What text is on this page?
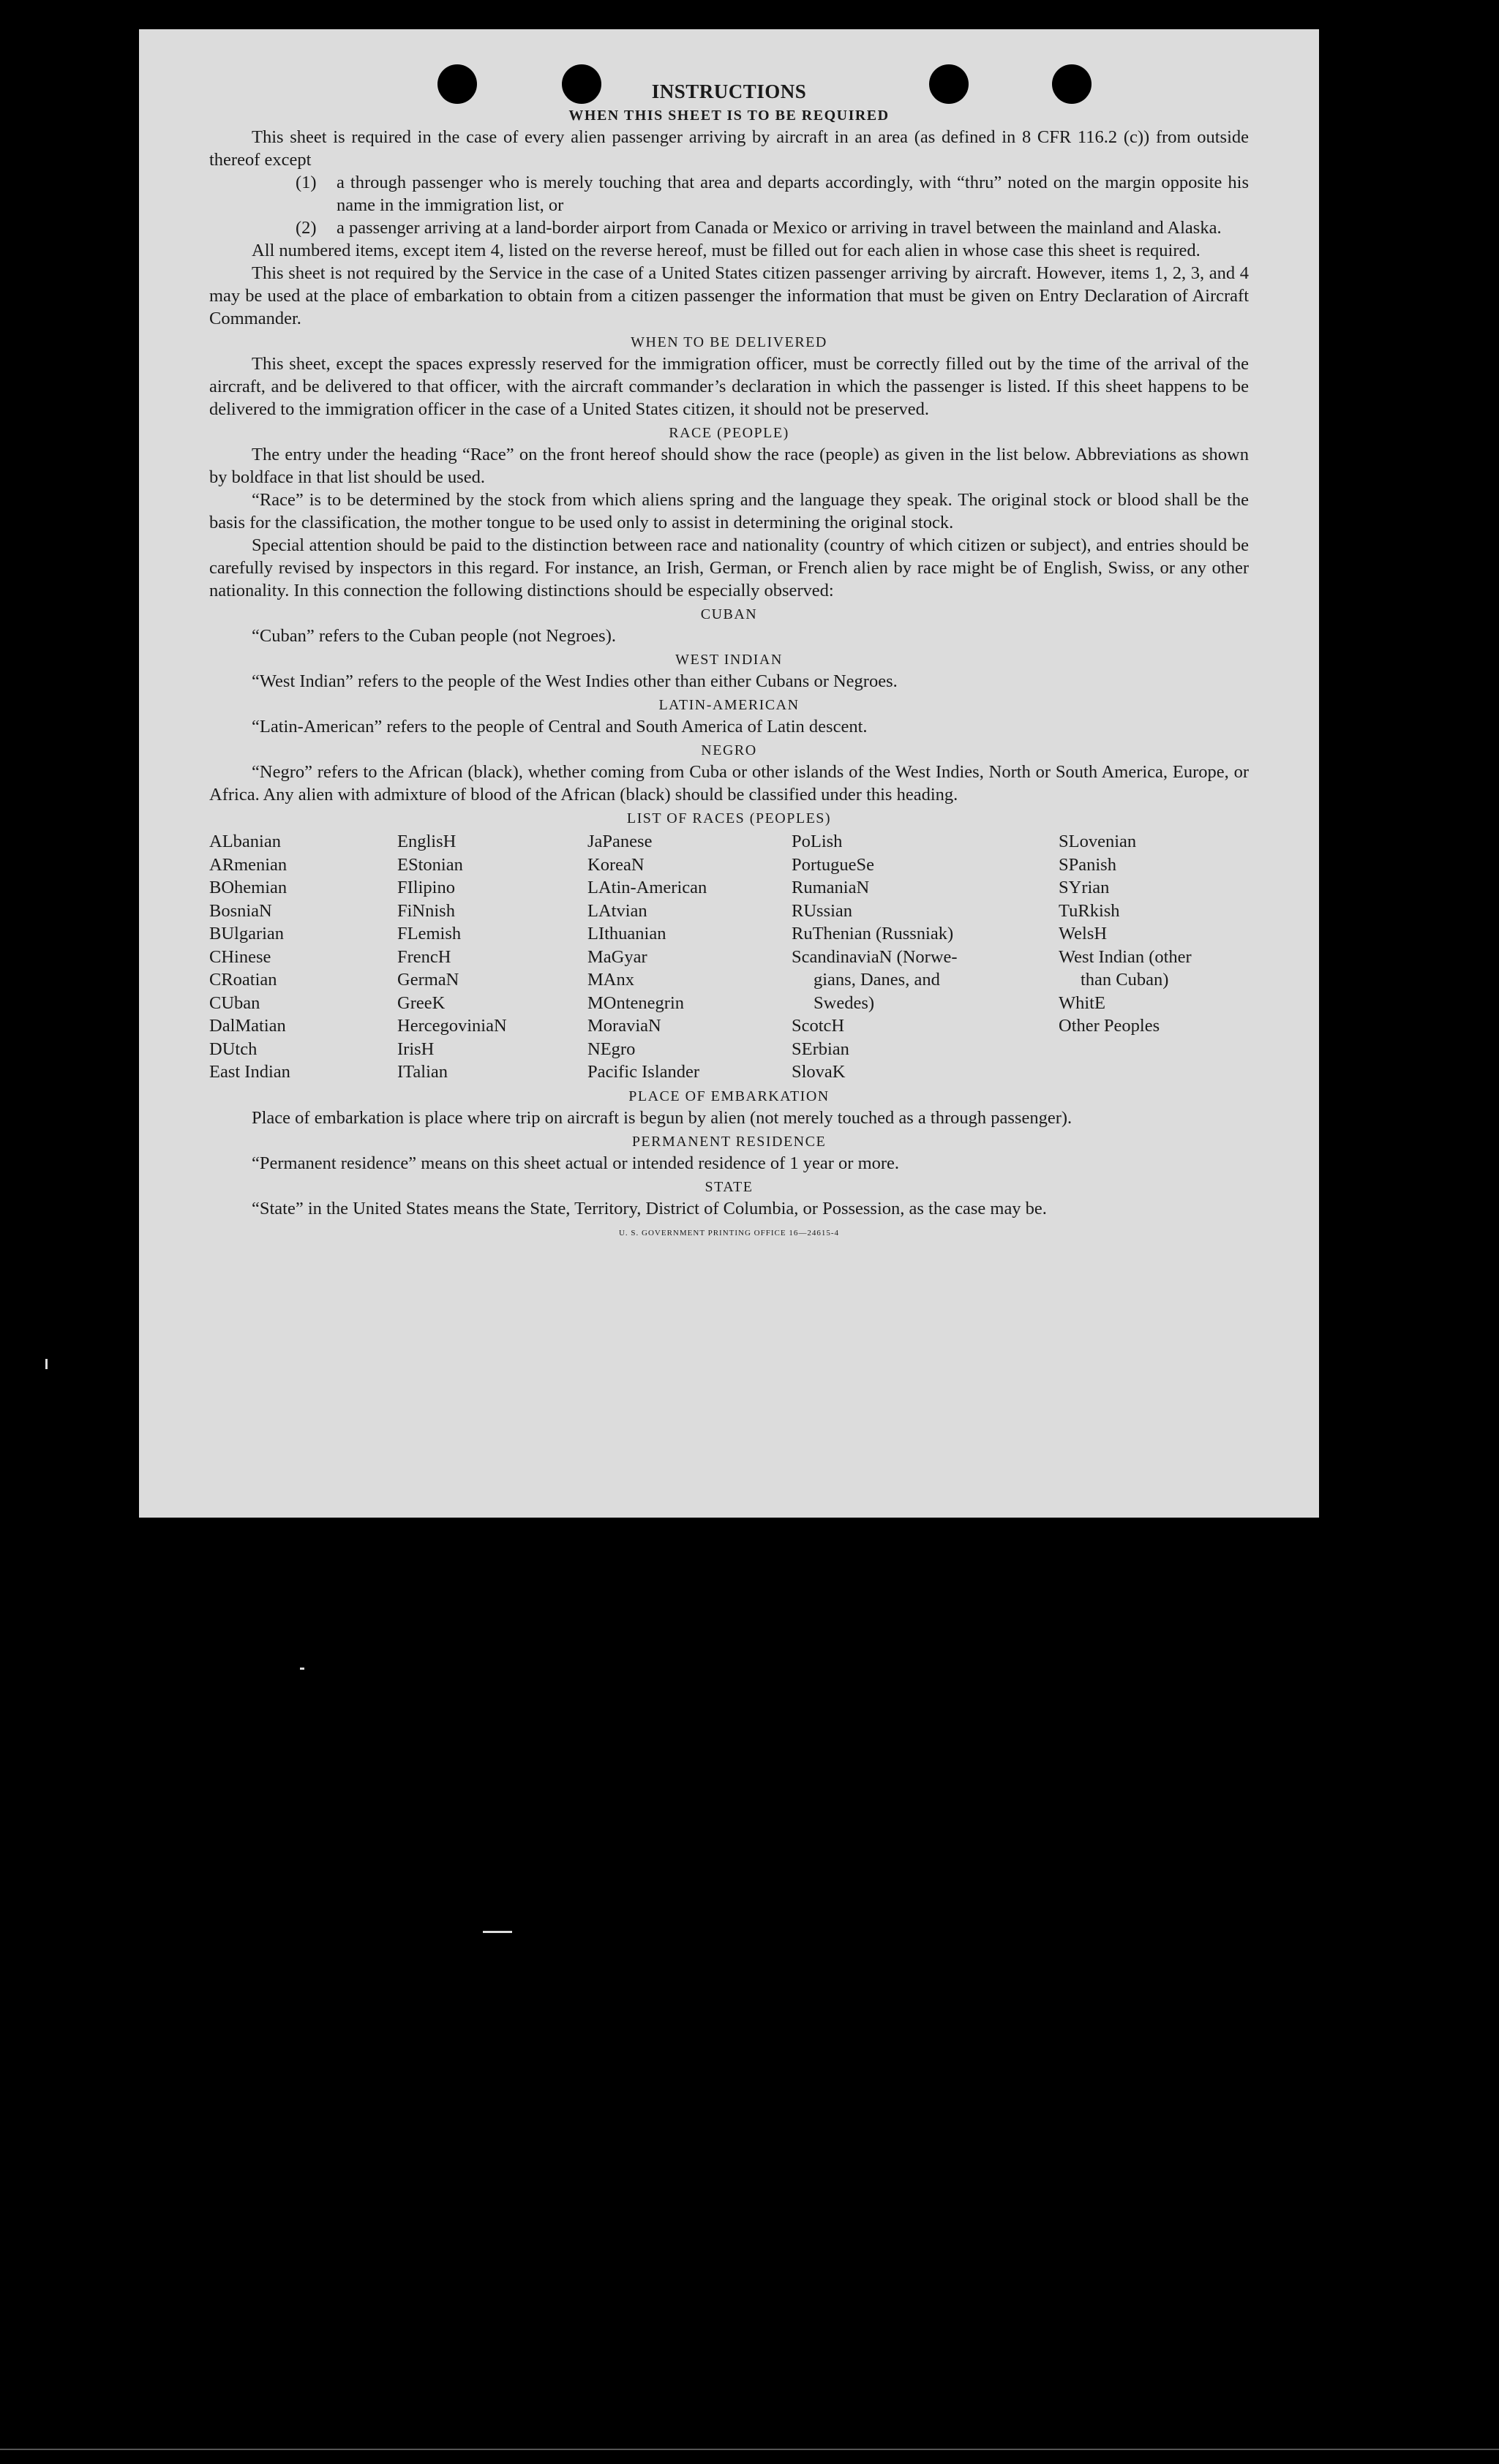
INSTRUCTIONS
WHEN THIS SHEET IS TO BE REQUIRED

This sheet is required in the case of every alien passenger arriving by aircraft in an area (as defined in 8 CFR 116.2 (c)) from outside thereof except

(1)	a through passenger who is merely touching that area and departs accordingly, with “thru” noted on the margin opposite his name in the immigration list, or
(2)	a passenger arriving at a land-border airport from Canada or Mexico or arriving in travel between the mainland and Alaska.

All numbered items, except item 4, listed on the reverse hereof, must be filled out for each alien in whose case this sheet is required.

This sheet is not required by the Service in the case of a United States citizen passenger arriving by aircraft. However, items 1, 2, 3, and 4 may be used at the place of embarkation to obtain from a citizen passenger the information that must be given on Entry Declaration of Aircraft Commander.

WHEN TO BE DELIVERED

This sheet, except the spaces expressly reserved for the immigration officer, must be correctly filled out by the time of the arrival of the aircraft, and be delivered to that officer, with the aircraft commander’s declaration in which the passenger is listed. If this sheet happens to be delivered to the immigration officer in the case of a United States citizen, it should not be preserved.

RACE (PEOPLE)

The entry under the heading “Race” on the front hereof should show the race (people) as given in the list below. Abbreviations as shown by boldface in that list should be used.

“Race” is to be determined by the stock from which aliens spring and the language they speak. The original stock or blood shall be the basis for the classification, the mother tongue to be used only to assist in determining the original stock.

Special attention should be paid to the distinction between race and nationality (country of which citizen or subject), and entries should be carefully revised by inspectors in this regard. For instance, an Irish, German, or French alien by race might be of English, Swiss, or any other nationality. In this connection the following distinctions should be especially observed:

CUBAN

“Cuban” refers to the Cuban people (not Negroes).

WEST INDIAN

“West Indian” refers to the people of the West Indies other than either Cubans or Negroes.

LATIN-AMERICAN

“Latin-American” refers to the people of Central and South America of Latin descent.

NEGRO

“Negro” refers to the African (black), whether coming from Cuba or other islands of the West Indies, North or South America, Europe, or Africa. Any alien with admixture of blood of the African (black) should be classified under this heading.

LIST OF RACES (PEOPLES)
ALbanian
ARmenian
BOhemian
BosniaN
BUlgarian
CHinese
CRoatian
CUban
DalMatian
DUtch
East Indian
EnglisH
EStonian
FIlipino
FiNnish
FLemish
FrencH
GermaN
GreeK
HercegoviniaN
IrisH
ITalian
JaPanese
KoreaN
LAtin-American
LAtvian
LIthuanian
MaGyar
MAnx
MOntenegrin
MoraviaN
NEgro
Pacific Islander
PoLish
PortugueSe
RumaniaN
RUssian
RuThenian (Russniak)
ScandinaviaN (Norwe-
gians, Danes, and
Swedes)
ScotcH
SErbian
SlovaK
SLovenian
SPanish
SYrian
TuRkish
WelsH
West Indian (other
than Cuban)
WhitE
Other Peoples
PLACE OF EMBARKATION

Place of embarkation is place where trip on aircraft is begun by alien (not merely touched as a through passenger).

PERMANENT RESIDENCE

“Permanent residence” means on this sheet actual or intended residence of 1 year or more.

STATE

“State” in the United States means the State, Territory, District of Columbia, or Possession, as the case may be.

U. S. GOVERNMENT PRINTING OFFICE 16—24615-4
